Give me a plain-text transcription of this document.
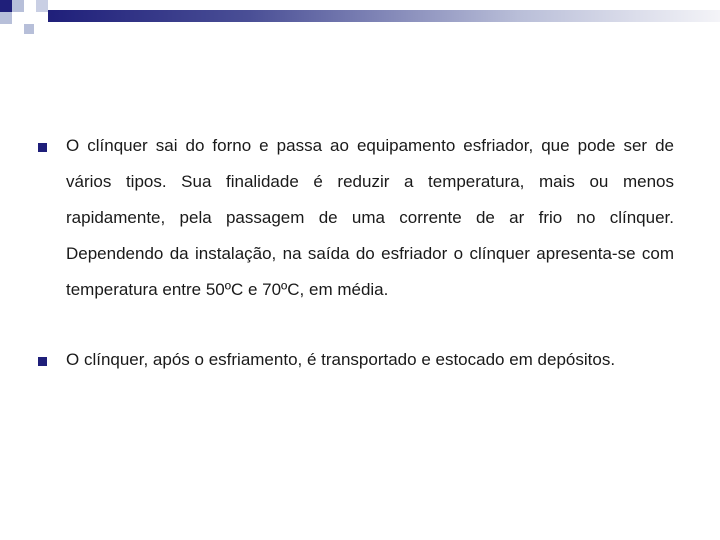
O clínquer sai do forno e passa ao equipamento esfriador, que pode ser de vários tipos. Sua finalidade é reduzir a temperatura, mais ou menos rapidamente, pela passagem de uma corrente de ar frio no clínquer. Dependendo da instalação, na saída do esfriador o clínquer apresenta-se com temperatura entre 50ºC e 70ºC, em média.
O clínquer, após o esfriamento, é transportado e estocado em depósitos.
